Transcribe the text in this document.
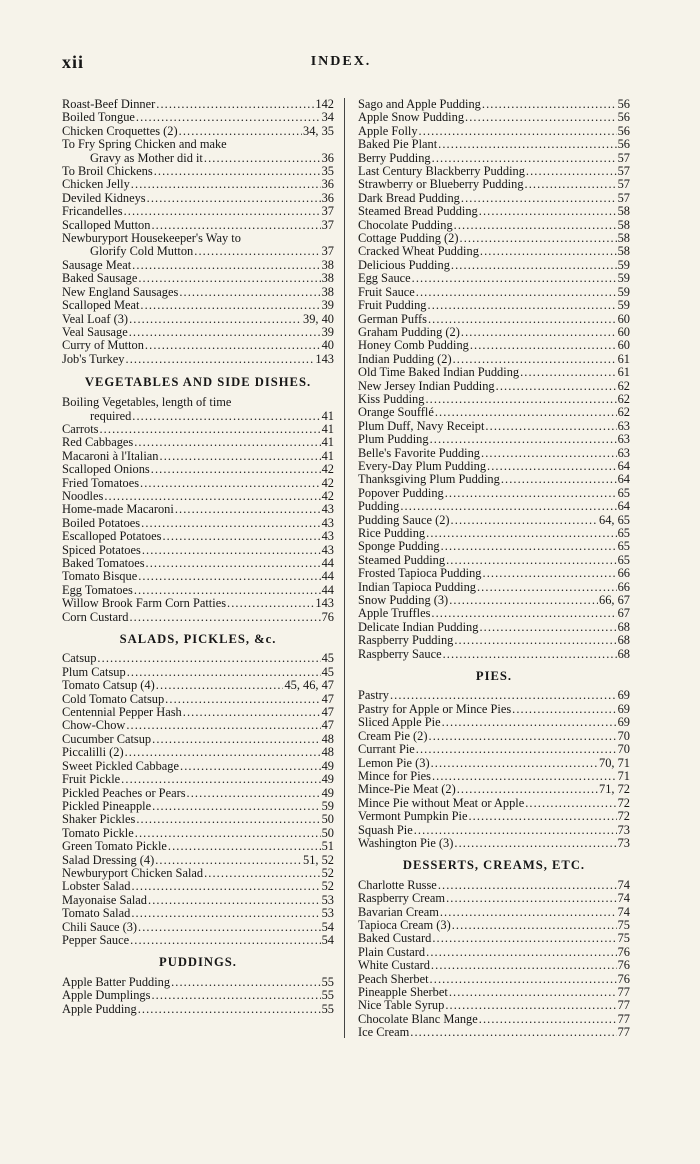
xii	INDEX.
Roast-Beef Dinner . . .	142
Boiled Tongue . . .	34
Chicken Croquettes (2) . . .	34, 35
To Fry Spring Chicken and make
Gravy as Mother did it . . .	36
To Broil Chickens . . .	35
Chicken Jelly . . .	36
Deviled Kidneys . . .	36
Fricandelles . . .	37
Scalloped Mutton . . .	37
Newburyport Housekeeper's Way to
Glorify Cold Mutton . . .	37
Sausage Meat . . .	38
Baked Sausage . . .	38
New England Sausages . . .	38
Scalloped Meat . . .	39
Veal Loaf (3) . . .	39, 40
Veal Sausage . . .	39
Curry of Mutton . . .	40
Job's Turkey . . .	143
VEGETABLES AND SIDE DISHES.
Boiling Vegetables, length of time
required . . .	41
Carrots . . .	41
Red Cabbages . . .	41
Macaroni à l'Italian . . .	41
Scalloped Onions . . .	42
Fried Tomatoes . . .	42
Noodles . . .	42
Home-made Macaroni . . .	43
Boiled Potatoes . . .	43
Escalloped Potatoes . . .	43
Spiced Potatoes . . .	43
Baked Tomatoes . . .	44
Tomato Bisque . . .	44
Egg Tomatoes . . .	44
Willow Brook Farm Corn Patties . . .	143
Corn Custard . . .	76
SALADS, PICKLES, &c.
Catsup . . .	45
Plum Catsup . . .	45
Tomato Catsup (4) . . .	45, 46, 47
Cold Tomato Catsup . . .	47
Centennial Pepper Hash . . .	47
Chow-Chow . . .	47
Cucumber Catsup . . .	48
Piccalilli (2) . . .	48
Sweet Pickled Cabbage . . .	49
Fruit Pickle . . .	49
Pickled Peaches or Pears . . .	49
Pickled Pineapple . . .	59
Shaker Pickles . . .	50
Tomato Pickle . . .	50
Green Tomato Pickle . . .	51
Salad Dressing (4) . . .	51, 52
Newburyport Chicken Salad . . .	52
Lobster Salad . . .	52
Mayonaise Salad . . .	53
Tomato Salad . . .	53
Chili Sauce (3) . . .	54
Pepper Sauce . . .	54
PUDDINGS.
Apple Batter Pudding . . .	55
Apple Dumplings . . .	55
Apple Pudding . . .	55
Sago and Apple Pudding . . .	56
Apple Snow Pudding . . .	56
Apple Folly . . .	56
Baked Pie Plant . . .	56
Berry Pudding . . .	57
Last Century Blackberry Pudding . . .	57
Strawberry or Blueberry Pudding . . .	57
Dark Bread Pudding . . .	57
Steamed Bread Pudding . . .	58
Chocolate Pudding . . .	58
Cottage Pudding (2) . . .	58
Cracked Wheat Pudding . . .	58
Delicious Pudding . . .	59
Egg Sauce . . .	59
Fruit Sauce . . .	59
Fruit Pudding . . .	59
German Puffs . . .	60
Graham Pudding (2) . . .	60
Honey Comb Pudding . . .	60
Indian Pudding (2) . . .	61
Old Time Baked Indian Pudding . . .	61
New Jersey Indian Pudding . . .	62
Kiss Pudding . . .	62
Orange Soufflé . . .	62
Plum Duff, Navy Receipt . . .	63
Plum Pudding . . .	63
Belle's Favorite Pudding . . .	63
Every-Day Plum Pudding . . .	64
Thanksgiving Plum Pudding . . .	64
Popover Pudding . . .	65
Pudding . . .	64
Pudding Sauce (2) . . .	64, 65
Rice Pudding . . .	65
Sponge Pudding . . .	65
Steamed Pudding . . .	65
Frosted Tapioca Pudding . . .	66
Indian Tapioca Pudding . . .	66
Snow Pudding (3) . . .	66, 67
Apple Truffles . . .	67
Delicate Indian Pudding . . .	68
Raspberry Pudding . . .	68
Raspberry Sauce . . .	68
PIES.
Pastry . . .	69
Pastry for Apple or Mince Pies . . .	69
Sliced Apple Pie . . .	69
Cream Pie (2) . . .	70
Currant Pie . . .	70
Lemon Pie (3) . . .	70, 71
Mince for Pies . . .	71
Mince-Pie Meat (2) . . .	71, 72
Mince Pie without Meat or Apple . . .	72
Vermont Pumpkin Pie . . .	72
Squash Pie . . .	73
Washington Pie (3) . . .	73
DESSERTS, CREAMS, ETC.
Charlotte Russe . . .	74
Raspberry Cream . . .	74
Bavarian Cream . . .	74
Tapioca Cream (3) . . .	75
Baked Custard . . .	75
Plain Custard . . .	76
White Custard . . .	76
Peach Sherbet . . .	76
Pineapple Sherbet . . .	77
Nice Table Syrup . . .	77
Chocolate Blanc Mange . . .	77
Ice Cream . . .	77
